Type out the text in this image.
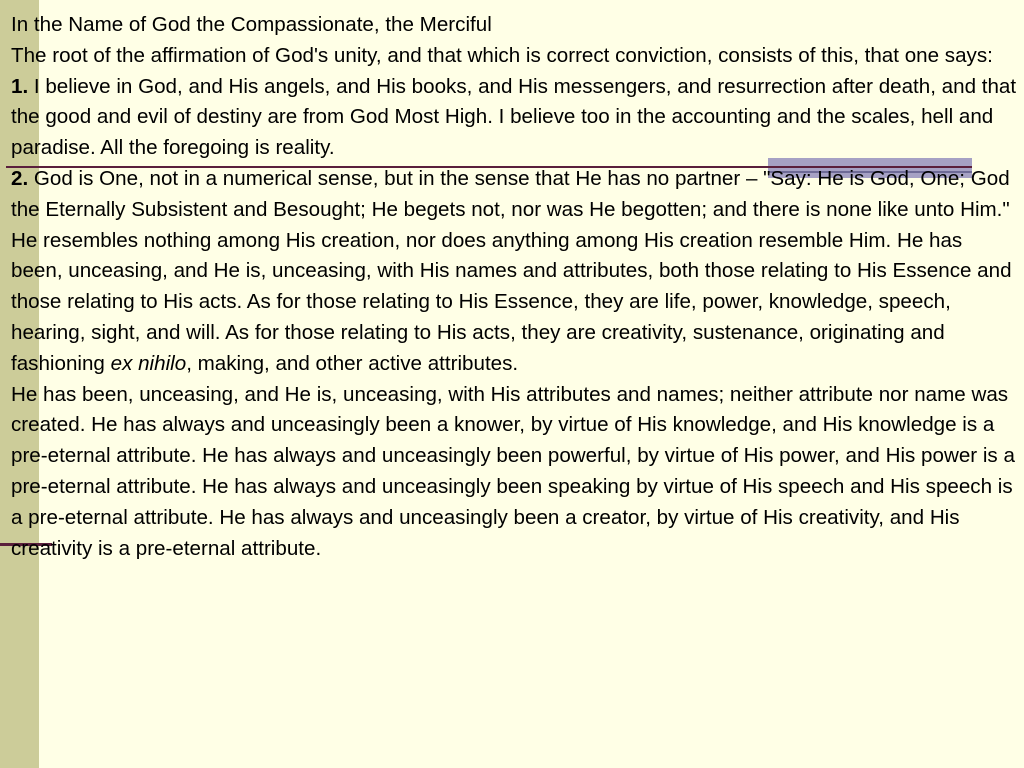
In the Name of God the Compassionate, the Merciful

The root of the affirmation of God's unity, and that which is correct conviction, consists of this, that one says:

1. I believe in God, and His angels, and His books, and His messengers, and resurrection after death, and that the good and evil of destiny are from God Most High. I believe too in the accounting and the scales, hell and paradise. All the foregoing is reality.

2. God is One, not in a numerical sense, but in the sense that He has no partner – "Say: He is God, One; God the Eternally Subsistent and Besought; He begets not, nor was He begotten; and there is none like unto Him." He resembles nothing among His creation, nor does anything among His creation resemble Him. He has been, unceasing, and He is, unceasing, with His names and attributes, both those relating to His Essence and those relating to His acts. As for those relating to His Essence, they are life, power, knowledge, speech, hearing, sight, and will. As for those relating to His acts, they are creativity, sustenance, originating and fashioning ex nihilo, making, and other active attributes.

He has been, unceasing, and He is, unceasing, with His attributes and names; neither attribute nor name was created. He has always and unceasingly been a knower, by virtue of His knowledge, and His knowledge is a pre-eternal attribute. He has always and unceasingly been powerful, by virtue of His power, and His power is a pre-eternal attribute. He has always and unceasingly been speaking by virtue of His speech and His speech is a pre-eternal attribute. He has always and unceasingly been a creator, by virtue of His creativity, and His creativity is a pre-eternal attribute.
